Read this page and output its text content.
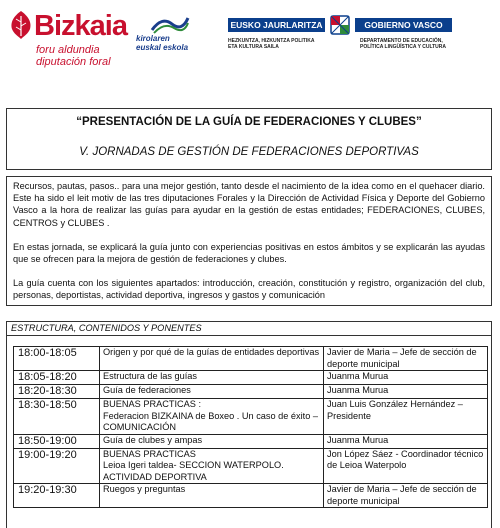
Bizkaia
foru aldundia
diputación foral
kirolaren
euskal eskola
EUSKO JAURLARITZA	GOBIERNO VASCO
HEZKUNTZA, HIZKUNTZA POLITIKA
ETA KULTURA SAILA
DEPARTAMENTO DE EDUCACIÓN,
POLÍTICA LINGÜÍSTICA Y CULTURA
“PRESENTACIÓN DE LA GUÍA DE FEDERACIONES Y CLUBES”
V. JORNADAS DE GESTIÓN DE FEDERACIONES DEPORTIVAS

Recursos, pautas, pasos.. para una mejor gestión, tanto desde el nacimiento de la idea como en el quehacer diario. Este ha sido el leit motiv de las tres diputaciones Forales y la Dirección de Actividad Física y Deporte del Gobierno Vasco a la hora de realizar las guías para ayudar en la gestión de estas entidades; FEDERACIONES, CLUBES, CENTROS y CLUBES .

En estas jornada, se explicará la guía junto con experiencias positivas en estos ámbitos y se explicarán las ayudas que se ofrecen para la mejora de gestión de federaciones y clubes.

La guía cuenta con los siguientes apartados: introducción, creación, constitución y registro, organización del club, personas, deportistas, actividad deportiva, ingresos y gastos y comunicación

ESTRUCTURA, CONTENIDOS Y PONENTES
18:00-18:05	Origen y por qué de la guías de entidades deportivas	Javier de Maria – Jefe de sección de deporte municipal

18:05-18:20	Estructura de las guías	Juanma Murua

18:20-18:30	Guía de federaciones	Juanma Murua

18:30-18:50	BUENAS PRACTICAS :
Federacion BIZKAINA de Boxeo . Un caso de éxito – COMUNICACIÓN	Juan Luis González Hernández – Presidente

18:50-19:00	Guía de clubes y ampas	Juanma Murua

19:00-19:20	BUENAS PRACTICAS
Leioa Igeri taldea- SECCION WATERPOLO. ACTIVIDAD DEPORTIVA	Jon López Sáez - Coordinador técnico de Leioa Waterpolo

19:20-19:30	Ruegos y preguntas	Javier de Maria – Jefe de sección de deporte municipal
